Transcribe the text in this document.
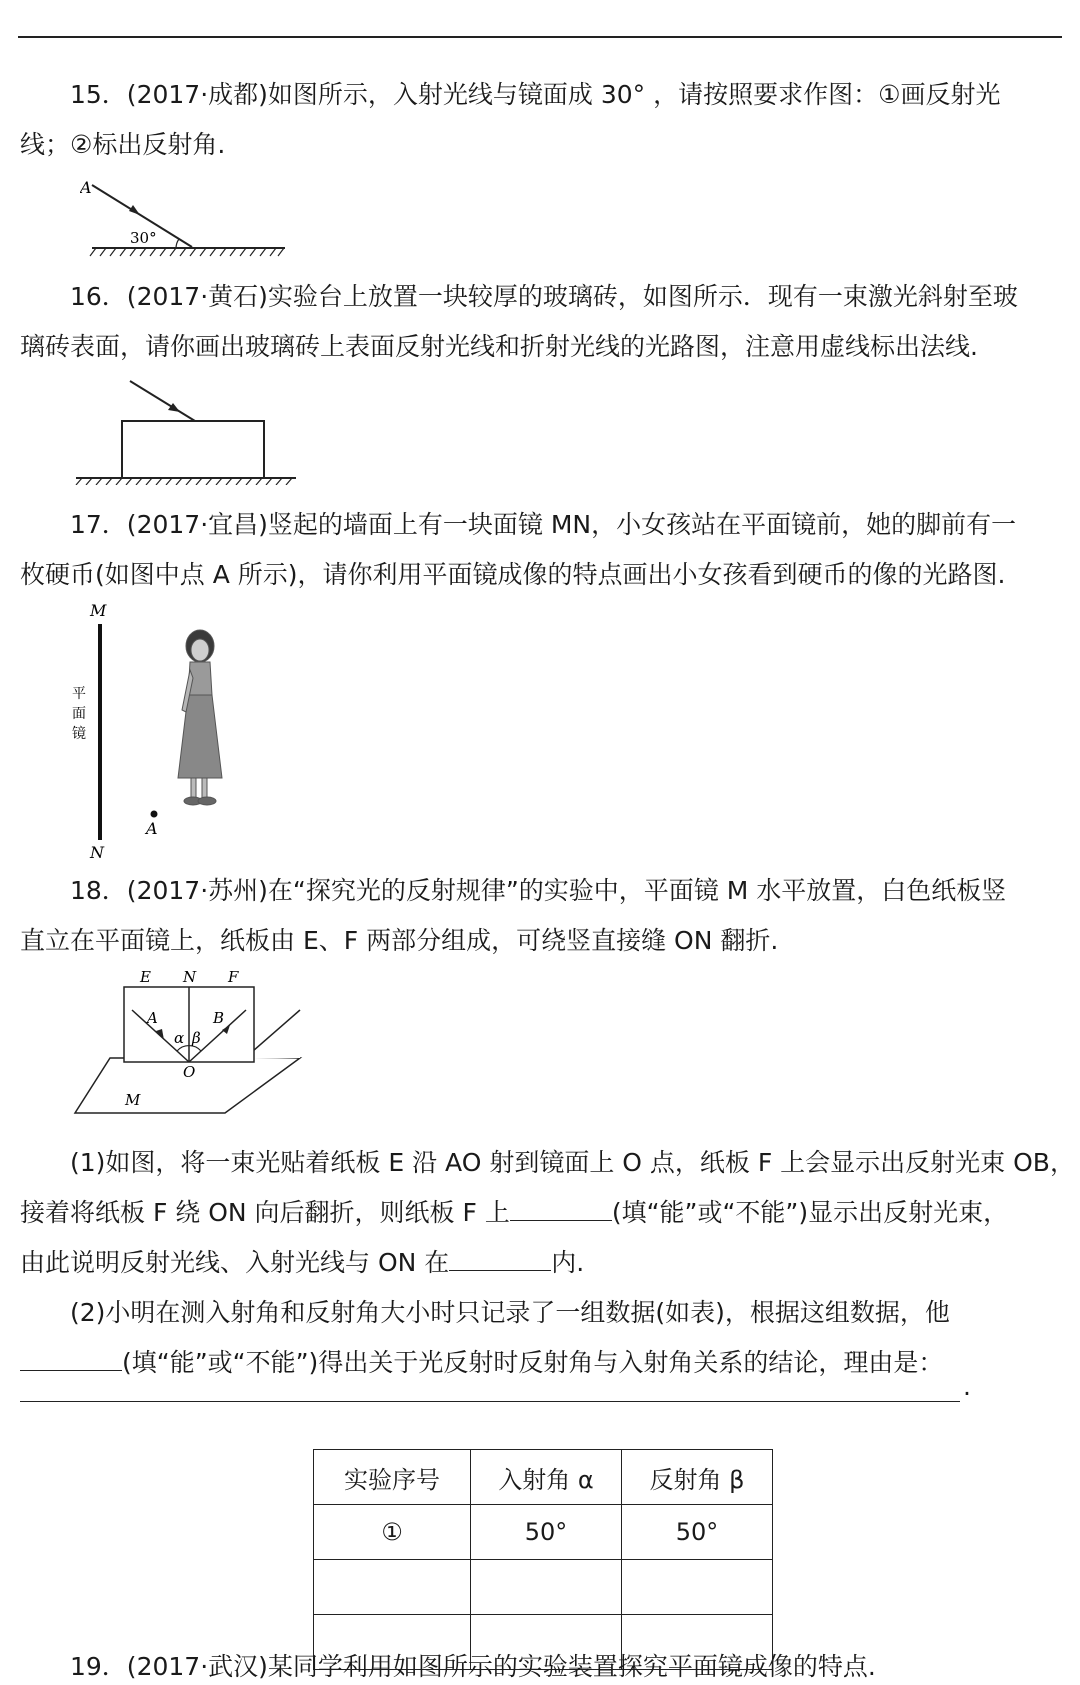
15．(2017·成都)如图所示，入射光线与镜面成 30° ，请按照要求作图：①画反射光
线；②标出反射角.
A
30°
16．(2017·黄石)实验台上放置一块较厚的玻璃砖，如图所示．现有一束激光斜射至玻
璃砖表面，请你画出玻璃砖上表面反射光线和折射光线的光路图，注意用虚线标出法线.
17．(2017·宜昌)竖起的墙面上有一块面镜 MN，小女孩站在平面镜前，她的脚前有一
枚硬币(如图中点 A 所示)，请你利用平面镜成像的特点画出小女孩看到硬币的像的光路图.
M
N
平
面
镜
A
18．(2017·苏州)在“探究光的反射规律”的实验中，平面镜 M 水平放置，白色纸板竖
直立在平面镜上，纸板由 E、F 两部分组成，可绕竖直接缝 ON 翻折.
E N F
A	B
α β
O
M
(1)如图，将一束光贴着纸板 E 沿 AO 射到镜面上 O 点，纸板 F 上会显示出反射光束 OB，
接着将纸板 F 绕 ON 向后翻折，则纸板 F 上	(填“能”或“不能”)显示出反射光束，
由此说明反射光线、入射光线与 ON 在	内.
(2)小明在测入射角和反射角大小时只记录了一组数据(如表)，根据这组数据，他
(填“能”或“不能”)得出关于光反射时反射角与入射角关系的结论，理由是：
.
实验序号	入射角 α	反射角 β
①	50°	50°

19．(2017·武汉)某同学利用如图所示的实验装置探究平面镜成像的特点.
